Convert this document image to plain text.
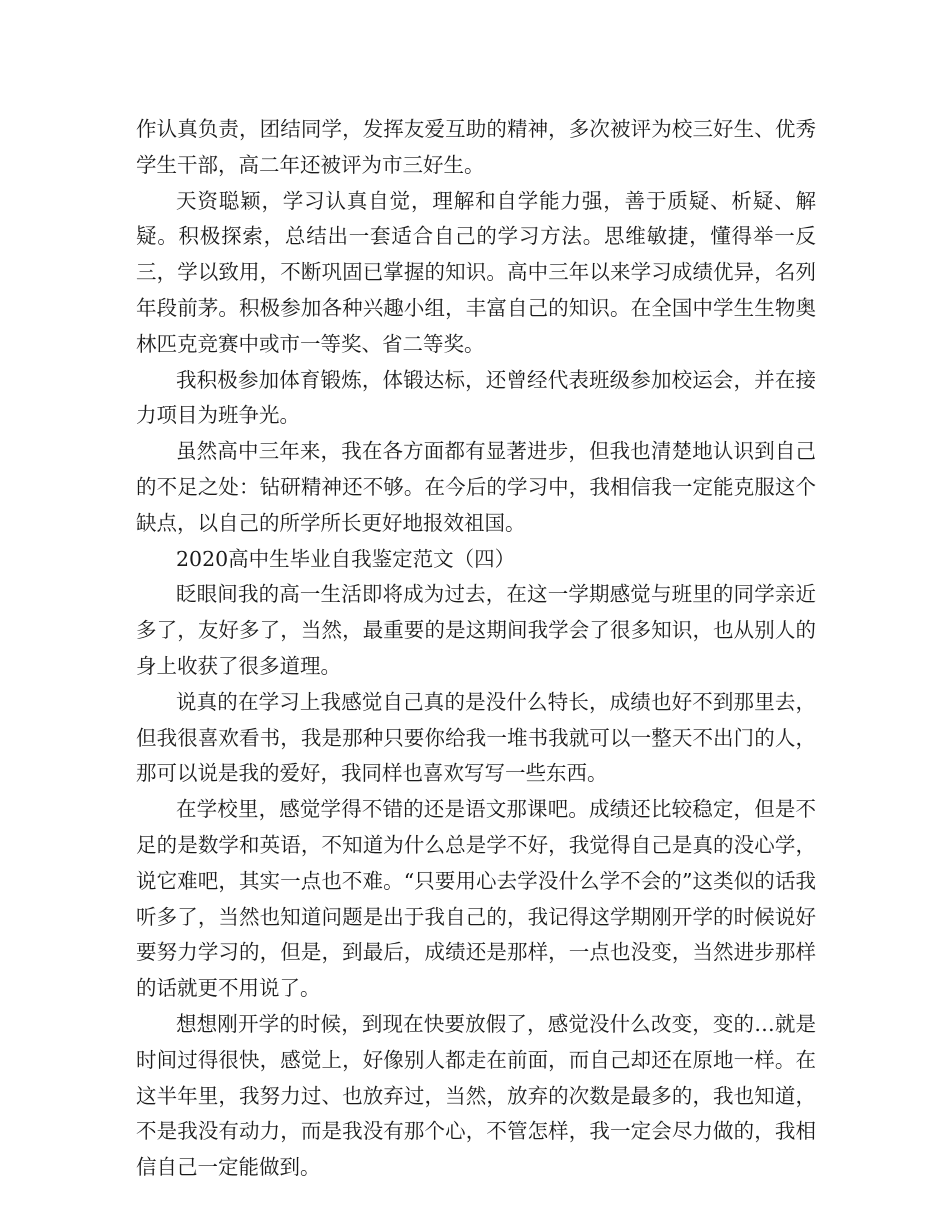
作认真负责，团结同学，发挥友爱互助的精神，多次被评为校三好生、优秀学生干部，高二年还被评为市三好生。

天资聪颖，学习认真自觉，理解和自学能力强，善于质疑、析疑、解疑。积极探索，总结出一套适合自己的学习方法。思维敏捷，懂得举一反三，学以致用，不断巩固已掌握的知识。高中三年以来学习成绩优异，名列年段前茅。积极参加各种兴趣小组，丰富自己的知识。在全国中学生生物奥林匹克竞赛中或市一等奖、省二等奖。

我积极参加体育锻炼，体锻达标，还曾经代表班级参加校运会，并在接力项目为班争光。

虽然高中三年来，我在各方面都有显著进步，但我也清楚地认识到自己的不足之处：钻研精神还不够。在今后的学习中，我相信我一定能克服这个缺点，以自己的所学所长更好地报效祖国。

2020高中生毕业自我鉴定范文（四）

眨眼间我的高一生活即将成为过去，在这一学期感觉与班里的同学亲近多了，友好多了，当然，最重要的是这期间我学会了很多知识，也从别人的身上收获了很多道理。

说真的在学习上我感觉自己真的是没什么特长，成绩也好不到那里去，但我很喜欢看书，我是那种只要你给我一堆书我就可以一整天不出门的人，那可以说是我的爱好，我同样也喜欢写写一些东西。

在学校里，感觉学得不错的还是语文那课吧。成绩还比较稳定，但是不足的是数学和英语，不知道为什么总是学不好，我觉得自己是真的没心学，说它难吧，其实一点也不难。“只要用心去学没什么学不会的”这类似的话我听多了，当然也知道问题是出于我自己的，我记得这学期刚开学的时候说好要努力学习的，但是，到最后，成绩还是那样，一点也没变，当然进步那样的话就更不用说了。

想想刚开学的时候，到现在快要放假了，感觉没什么改变，变的…就是时间过得很快，感觉上，好像别人都走在前面，而自己却还在原地一样。在这半年里，我努力过、也放弃过，当然，放弃的次数是最多的，我也知道，不是我没有动力，而是我没有那个心，不管怎样，我一定会尽力做的，我相信自己一定能做到。
